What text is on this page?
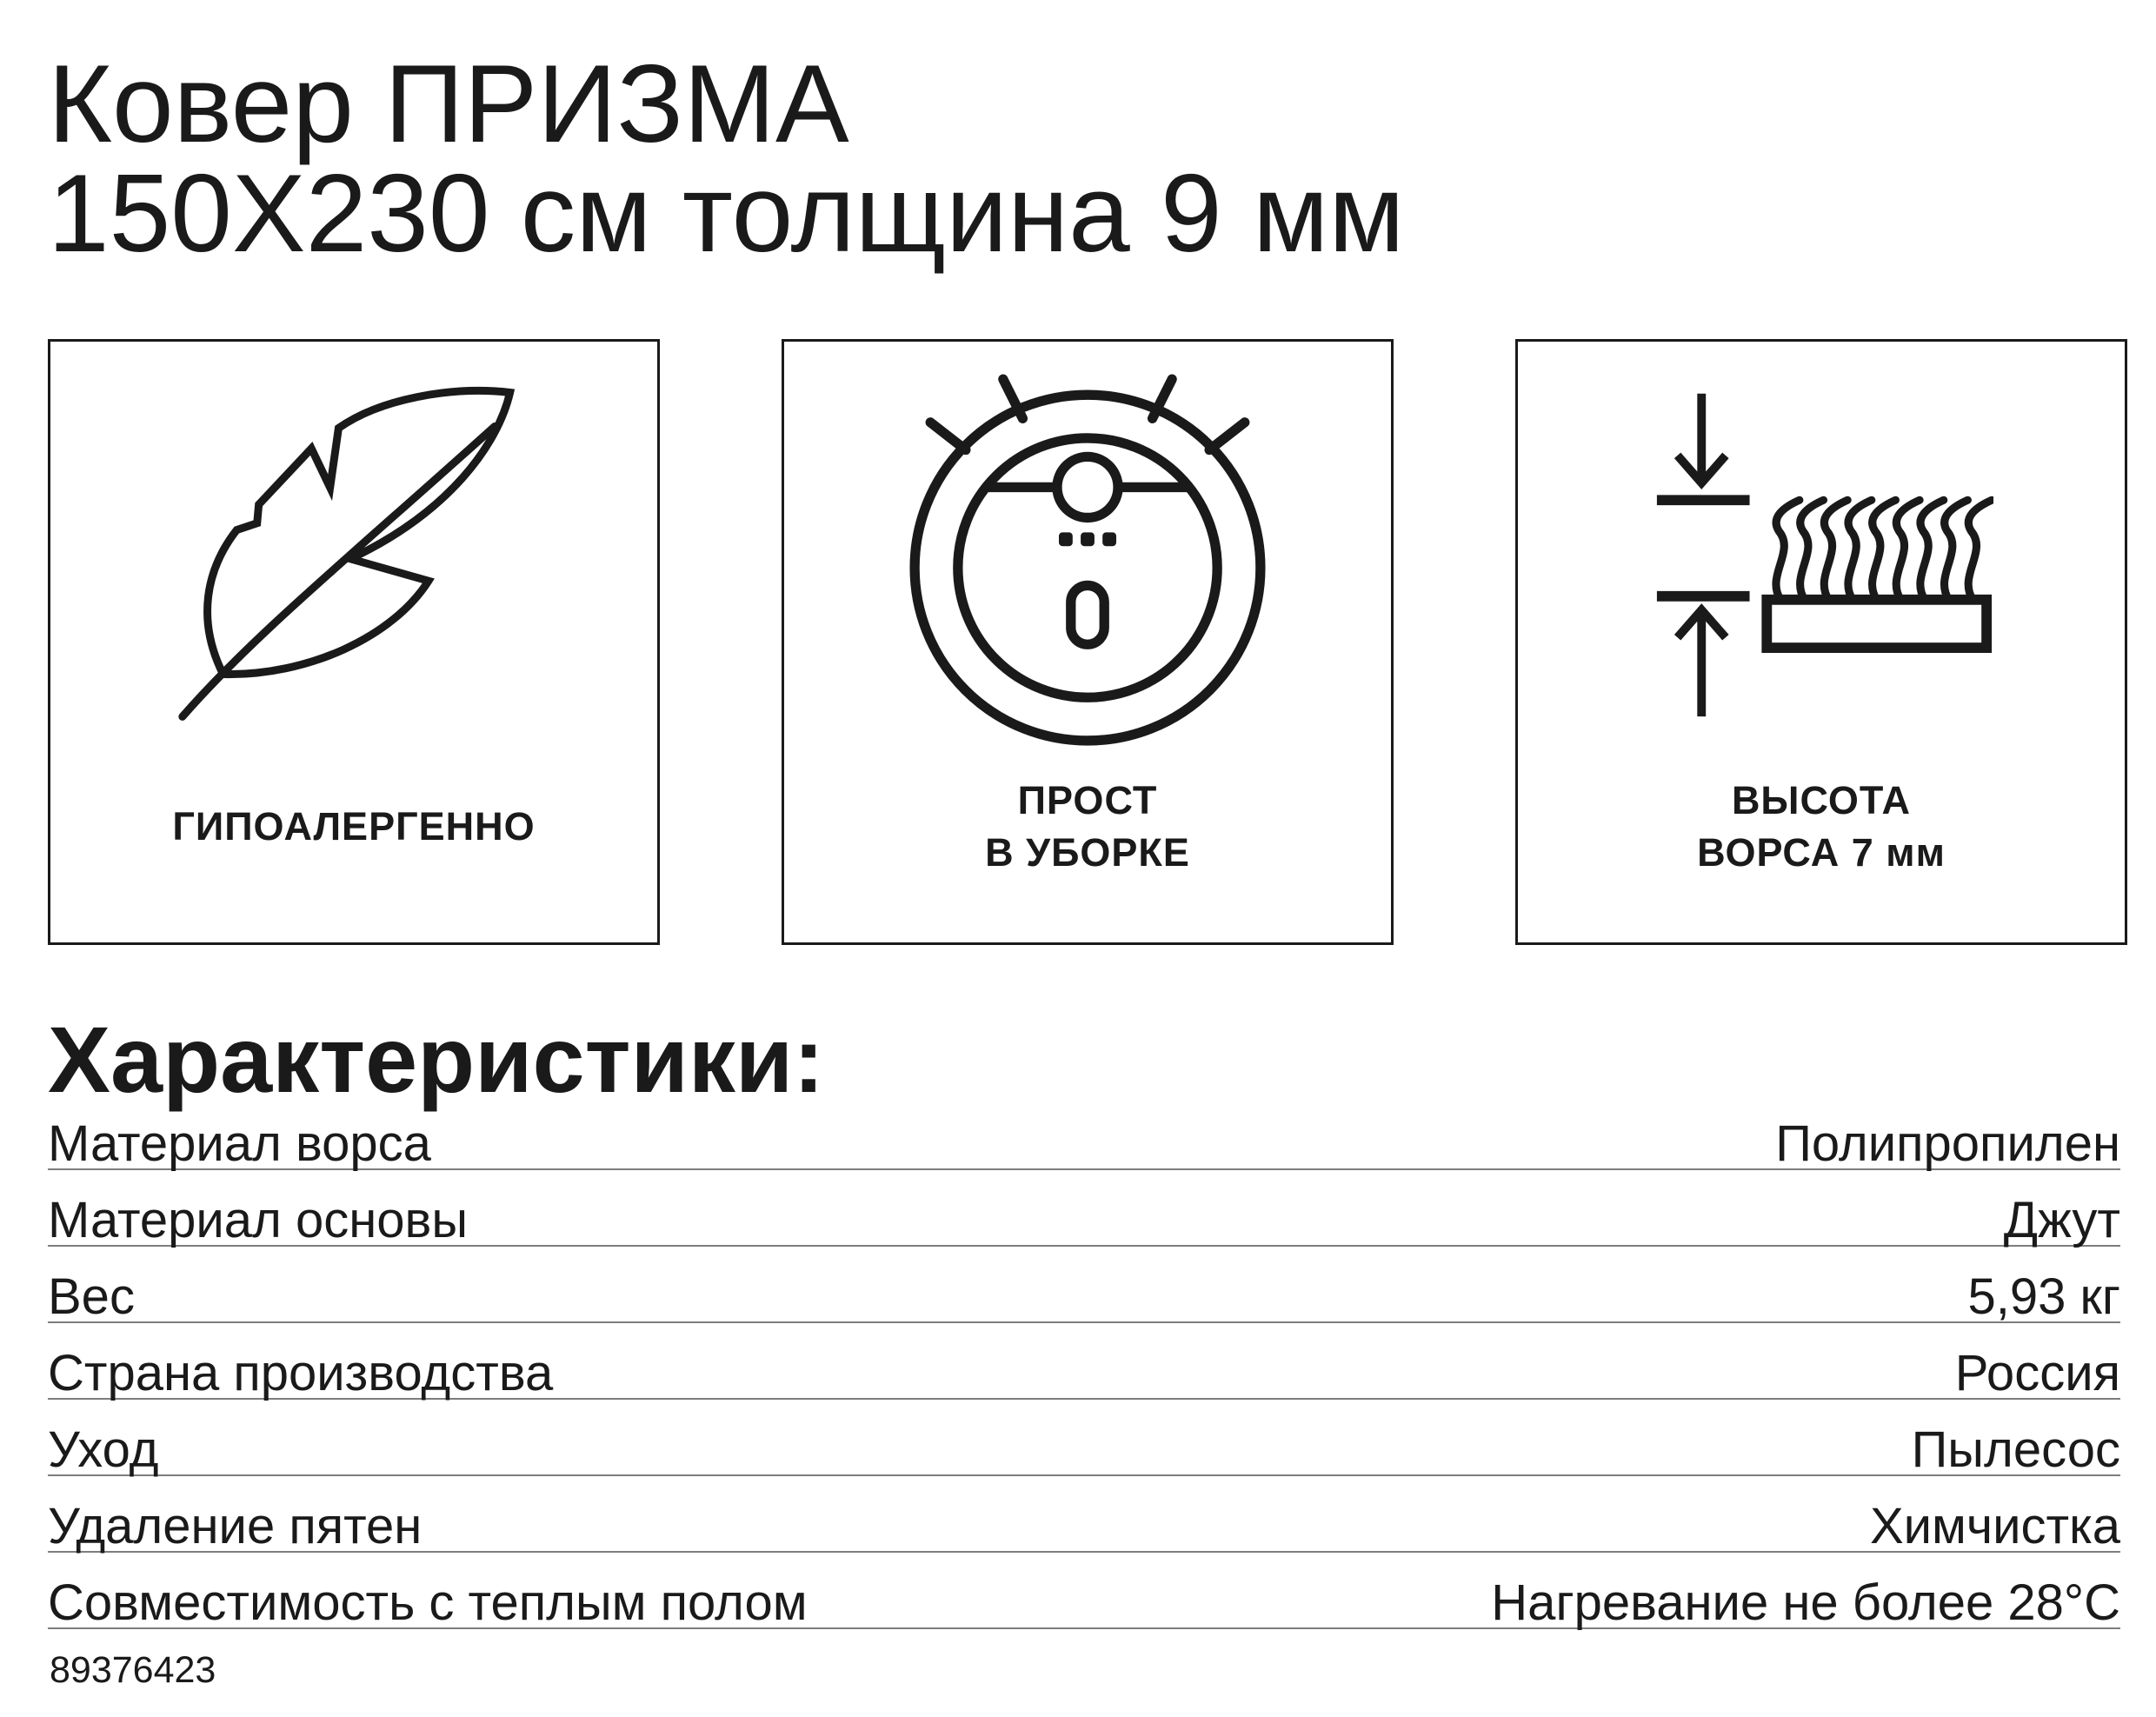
Ковер ПРИЗМА
150Х230 см толщина 9 мм
ГИПОАЛЕРГЕННО
ПРОСТ
В УБОРКЕ
ВЫСОТА
ВОРСА 7 мм
Характеристики:
Материал ворса	Полипропилен
Материал основы	Джут
Вес	5,93 кг
Страна производства	Россия
Уход	Пылесос
Удаление пятен	Химчистка
Совместимость с теплым полом	Нагревание не более 28°C
89376423
